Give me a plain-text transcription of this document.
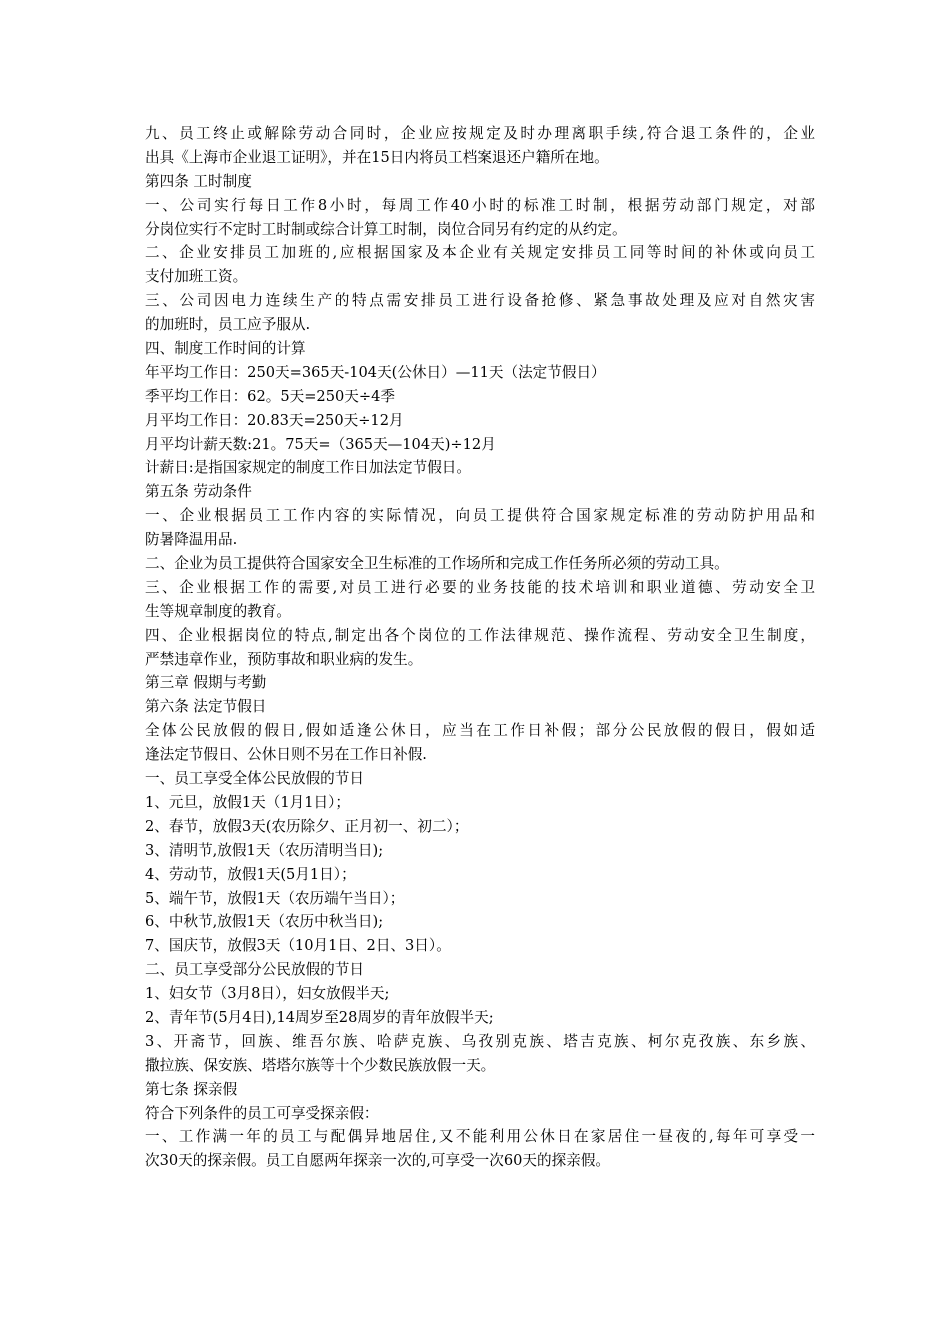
九、员工终止或解除劳动合同时，企业应按规定及时办理离职手续,符合退工条件的，企业
出具《上海市企业退工证明》，并在15日内将员工档案退还户籍所在地。
第四条 工时制度
一、公司实行每日工作8小时，每周工作40小时的标准工时制，根据劳动部门规定，对部
分岗位实行不定时工时制或综合计算工时制，岗位合同另有约定的从约定。
二、企业安排员工加班的,应根据国家及本企业有关规定安排员工同等时间的补休或向员工
支付加班工资。
三、公司因电力连续生产的特点需安排员工进行设备抢修、紧急事故处理及应对自然灾害
的加班时，员工应予服从.
四、制度工作时间的计算
年平均工作日：250天=365天-104天(公休日）—11天（法定节假日）
季平均工作日：62。5天=250天÷4季
月平均工作日：20.83天=250天÷12月
月平均计薪天数:21。75天=（365天—104天)÷12月
计薪日:是指国家规定的制度工作日加法定节假日。
第五条 劳动条件
一、企业根据员工工作内容的实际情况，向员工提供符合国家规定标准的劳动防护用品和
防暑降温用品.
二、企业为员工提供符合国家安全卫生标准的工作场所和完成工作任务所必须的劳动工具。
三、企业根据工作的需要,对员工进行必要的业务技能的技术培训和职业道德、劳动安全卫
生等规章制度的教育。
四、企业根据岗位的特点,制定出各个岗位的工作法律规范、操作流程、劳动安全卫生制度，
严禁违章作业，预防事故和职业病的发生。
第三章 假期与考勤
第六条 法定节假日
全体公民放假的假日,假如适逢公休日，应当在工作日补假；部分公民放假的假日，假如适
逢法定节假日、公休日则不另在工作日补假.
一、员工享受全体公民放假的节日
1、元旦，放假1天（1月1日）；
2、春节，放假3天(农历除夕、正月初一、初二）；
3、清明节,放假1天（农历清明当日);
4、劳动节，放假1天(5月1日）；
5、端午节，放假1天（农历端午当日）；
6、中秋节,放假1天（农历中秋当日);
7、国庆节，放假3天（10月1日、2日、3日）。
二、员工享受部分公民放假的节日
1、妇女节（3月8日），妇女放假半天;
2、青年节(5月4日),14周岁至28周岁的青年放假半天;
3、开斋节，回族、维吾尔族、哈萨克族、乌孜别克族、塔吉克族、柯尔克孜族、东乡族、
撒拉族、保安族、塔塔尔族等十个少数民族放假一天。
第七条 探亲假
符合下列条件的员工可享受探亲假：
一、工作满一年的员工与配偶异地居住,又不能利用公休日在家居住一昼夜的,每年可享受一
次30天的探亲假。员工自愿两年探亲一次的,可享受一次60天的探亲假。
